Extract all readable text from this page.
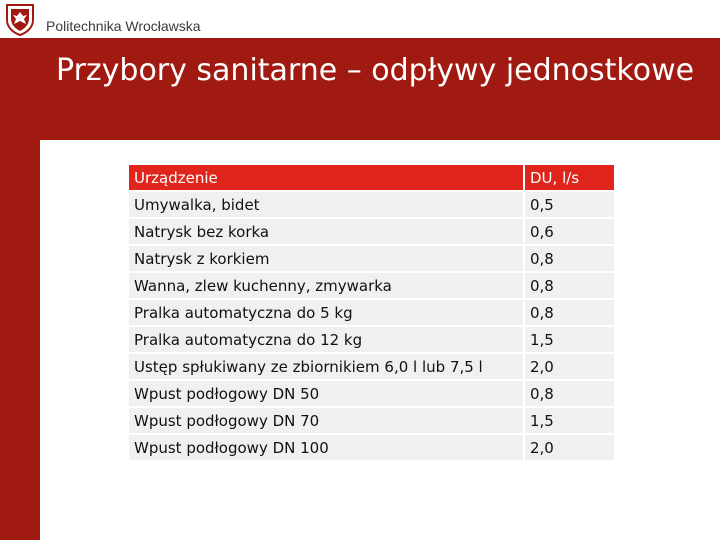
Politechnika Wrocławska
Przybory sanitarne – odpływy jednostkowe
Urządzenie	DU, l/s
Umywalka, bidet	0,5
Natrysk bez korka	0,6
Natrysk z korkiem	0,8
Wanna, zlew kuchenny, zmywarka	0,8
Pralka automatyczna do 5 kg	0,8
Pralka automatyczna do 12 kg	1,5
Ustęp spłukiwany ze zbiornikiem 6,0 l lub 7,5 l	2,0
Wpust podłogowy DN 50	0,8
Wpust podłogowy DN 70	1,5
Wpust podłogowy DN 100	2,0
